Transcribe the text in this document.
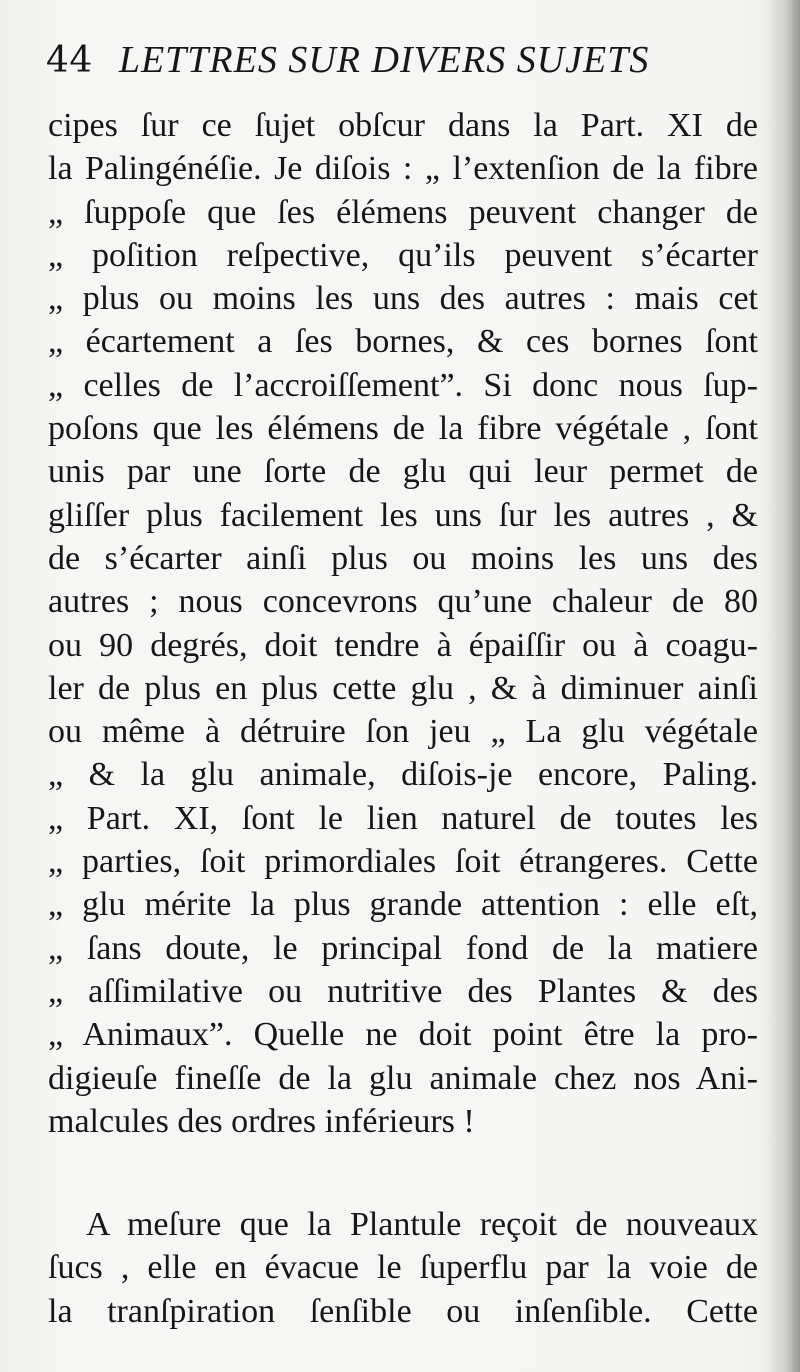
44 LETTRES SUR DIVERS SUJETS
cipes ſur ce ſujet obſcur dans la Part. XI de
la Palingénéſie. Je diſois : „ l’extenſion de la fibre
„ ſuppoſe que ſes élémens peuvent changer de
„ poſition reſpective, qu’ils peuvent s’écarter
„ plus ou moins les uns des autres : mais cet
„ écartement a ſes bornes, & ces bornes ſont
„ celles de l’accroiſſement”. Si donc nous ſup-
poſons que les élémens de la fibre végétale , ſont
unis par une ſorte de glu qui leur permet de
gliſſer plus facilement les uns ſur les autres , &
de s’écarter ainſi plus ou moins les uns des
autres ; nous concevrons qu’une chaleur de 80
ou 90 degrés, doit tendre à épaiſſir ou à coagu-
ler de plus en plus cette glu , & à diminuer ainſi
ou même à détruire ſon jeu „ La glu végétale
„ & la glu animale, diſois-je encore, Paling.
„ Part. XI, ſont le lien naturel de toutes les
„ parties, ſoit primordiales ſoit étrangeres. Cette
„ glu mérite la plus grande attention : elle eſt,
„ ſans doute, le principal fond de la matiere
„ aſſimilative ou nutritive des Plantes & des
„ Animaux”. Quelle ne doit point être la pro-
digieuſe fineſſe de la glu animale chez nos Ani-
malcules des ordres inférieurs !
A meſure que la Plantule reçoit de nouveaux
ſucs , elle en évacue le ſuperflu par la voie de
la tranſpiration ſenſible ou inſenſible. Cette
